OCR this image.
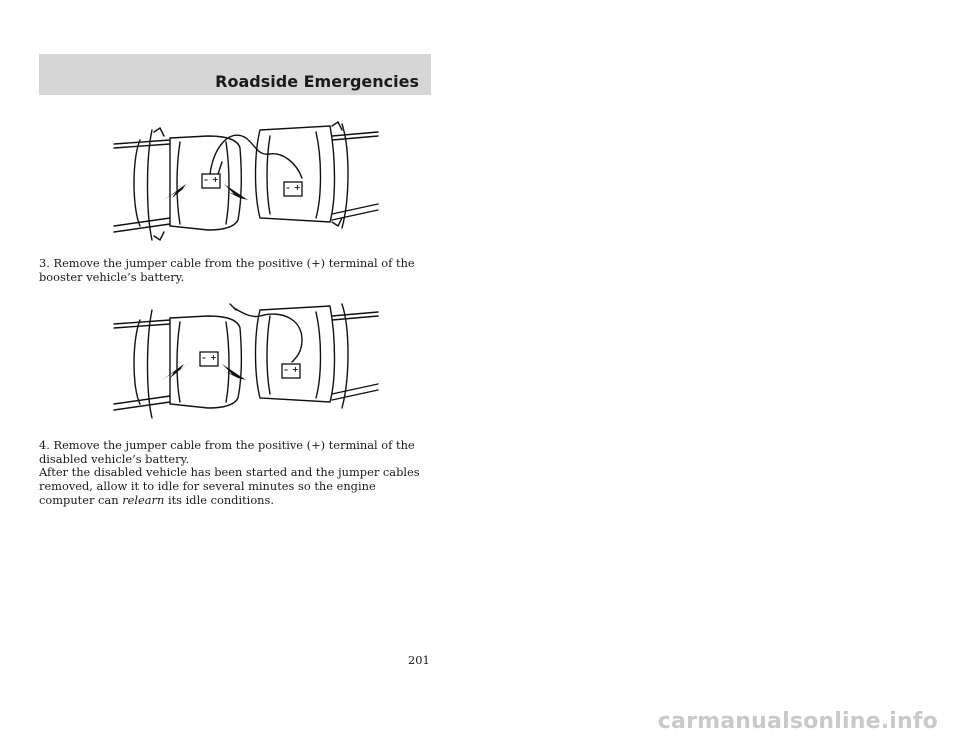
Roadside Emergencies
– +
– +

3. Remove the jumper cable from the positive (+) terminal of the booster vehicle’s battery.

– +
– +

4. Remove the jumper cable from the positive (+) terminal of the disabled vehicle’s battery.

After the disabled vehicle has been started and the jumper cables removed, allow it to idle for several minutes so the engine computer can relearn its idle conditions.

201
carmanualsonline.info
